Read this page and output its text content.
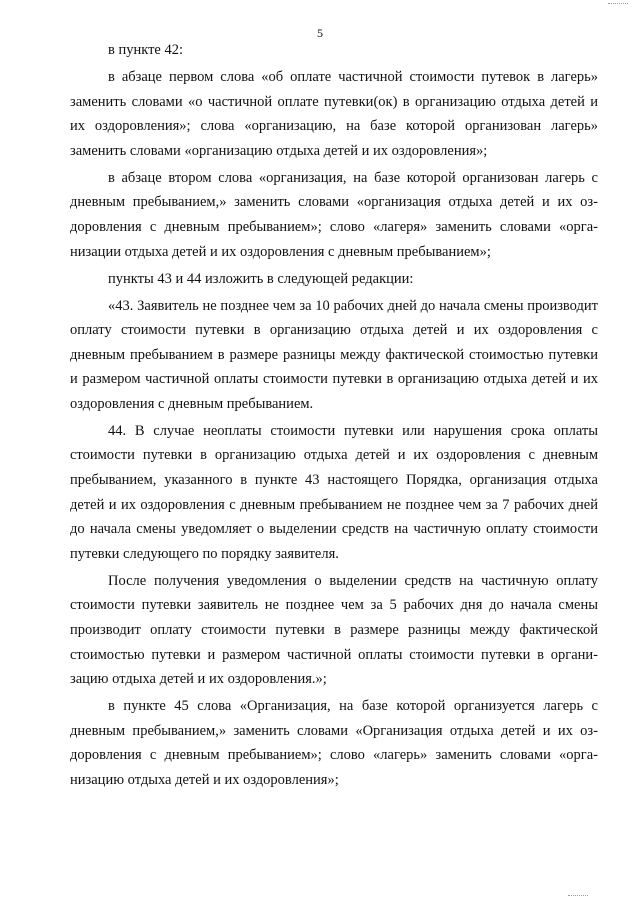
5

в пункте 42:

в абзаце первом слова «об оплате частичной стоимости путевок в лагерь» заменить словами «о частичной оплате путевки(ок) в организацию отдыха детей и их оздоровления»; слова «организацию, на базе которой организован лагерь» заменить словами «организацию отдыха детей и их оздоровления»;

в абзаце втором слова «организация, на базе которой организован лагерь с дневным пребыванием,» заменить словами «организация отдыха детей и их оздоровления с дневным пребыванием»; слово «лагеря» заменить словами «организации отдыха детей и их оздоровления с дневным пребыванием»;

пункты 43 и 44 изложить в следующей редакции:

«43. Заявитель не позднее чем за 10 рабочих дней до начала смены производит оплату стоимости путевки в организацию отдыха детей и их оздоровления с дневным пребыванием в размере разницы между фактической стоимостью путевки и размером частичной оплаты стоимости путевки в организацию отдыха детей и их оздоровления с дневным пребыванием.

44. В случае неоплаты стоимости путевки или нарушения срока оплаты стоимости путевки в организацию отдыха детей и их оздоровления с дневным пребыванием, указанного в пункте 43 настоящего Порядка, организация отдыха детей и их оздоровления с дневным пребыванием не позднее чем за 7 рабочих дней до начала смены уведомляет о выделении средств на частичную оплату стоимости путевки следующего по порядку заявителя.

После получения уведомления о выделении средств на частичную оплату стоимости путевки заявитель не позднее чем за 5 рабочих дня до начала смены производит оплату стоимости путевки в размере разницы между фактической стоимостью путевки и размером частичной оплаты стоимости путевки в организацию отдыха детей и их оздоровления.»;

в пункте 45 слова «Организация, на базе которой организуется лагерь с дневным пребыванием,» заменить словами «Организация отдыха детей и их оздоровления с дневным пребыванием»; слово «лагерь» заменить словами «организацию отдыха детей и их оздоровления»;
